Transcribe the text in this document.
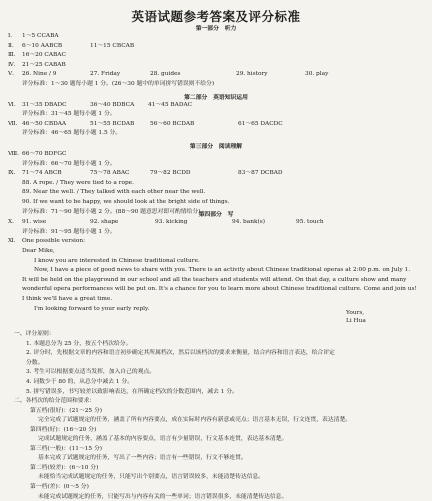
英语试题参考答案及评分标准
第一部分　听力
Ⅰ. 1～5 CCABA
Ⅱ. 6～10 AABCB	11～15 CBCAB
Ⅲ. 16～20 CABAC
Ⅳ. 21～25 CABAB
Ⅴ. 26. Nine / 9	27. Friday	28. guides	29. history	30. play
评分标准：1～30 题每小题 1 分。(26～30 题中的单词拼写错误则不给分)
第二部分　英语知识运用
Ⅵ. 31～35 DBADC	36～40 BDBCA 41～45 BADAC
评分标准：31～45 题每小题 1 分。
Ⅶ. 46～50 CBDAA	51～55 BCDAB	56～60 BCDAB	61～65 DACDC
评分标准：46～65 题每小题 1.5 分。
第三部分　阅读理解
Ⅷ. 66～70 BDFGC
评分标准：66～70 题每小题 1 分。
Ⅸ. 71～74 ABCB	75～78 ABAC	79～82 BCDD	83～87 DCBAD
88. A rope. / They were tied to a rope.
89. Near the well. / They talked with each other near the well.
90. If we want to be happy, we should look at the bright side of things.
评分标准：71～90 题每小题 2 分。(88～90 题意思对即可酌情给分)
第四部分　写
Ⅹ. 91. wise	92. shape	93. kicking	94. bank(s)	95. touch
评分标准：91～95 题每小题 1 分。
Ⅺ. One possible version:
Dear Mike,
I know you are interested in Chinese traditional culture.
Now, I have a piece of good news to share with you. There is an activity about Chinese traditional operas at 2:00 p.m. on July 1.
It will be held on the playground in our school and all the teachers and students will attend. On that day, a culture show and many
wonderful opera performances will be put on. It's a chance for you to learn more about Chinese traditional culture. Come and join us!
I think we'll have a great time.
I'm looking forward to your early reply.
Yours,
Li Hua
一、评分原则：
1. 本题总分为 25 分，按五个档次给分。
2. 评分时，先根据文章的内容和语言初步确定其所属档次，然后以该档次的要求来衡量，结合内容和语言表达，给合评定
分数。
3. 考生可以根据要点适当发挥，加入自己的观点。
4. 词数少于 80 的，从总分中减去 1 分。
5. 拼写错误多，书写较差以致影响表达，在所确定档次的分数范围内，减去 1 分。
二、各档次的给分范围和要求：
第五档(很好)：(21～25 分)
完全完成了试题规定的任务，涵盖了所有内容要点，成在实际时内容有新意或亮点；语言基本无误，行文连贯，表达清楚。
第四档(好)：(16～20 分)
完成试题规定的任务，涵盖了基本的内容要点，语言有少量错误，行文基本连贯，表达基本清楚。
第三档(一般)：(11～15 分)
基本完成了试题规定的任务，写出了一些内容；语言有一些错误，行文不够连贯。
第二档(较差)：(6～10 分)
未能恰当完成试题规定的任务，只能写出个别要点，语言错误较多，未能清楚传达信息。
第一档(差)：(0～5 分)
未能完成试题规定的任务，只能写出与内容有关的一些单词；语言错误很多，未能清楚传达信息。
